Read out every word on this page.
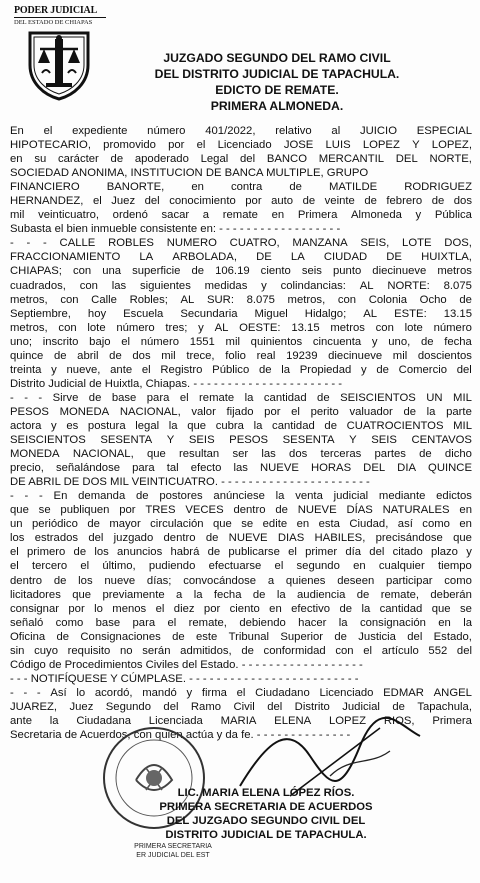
PODER JUDICIAL
DEL ESTADO DE CHIAPAS
JUZGADO SEGUNDO DEL RAMO CIVIL
DEL DISTRITO JUDICIAL DE TAPACHULA.
EDICTO DE REMATE.
PRIMERA ALMONEDA.
En el expediente número 401/2022, relativo al JUICIO ESPECIAL
HIPOTECARIO, promovido por el Licenciado JOSE LUIS LOPEZ Y LOPEZ,
en su carácter de apoderado Legal del BANCO MERCANTIL DEL NORTE,
SOCIEDAD ANONIMA, INSTITUCION DE BANCA MULTIPLE, GRUPO
FINANCIERO BANORTE, en contra de MATILDE RODRIGUEZ
HERNANDEZ, el Juez del conocimiento por auto de veinte de febrero de dos
mil veinticuatro, ordenó sacar a remate en Primera Almoneda y Pública
Subasta el bien inmueble consistente en: - - - - - - - - - - - - - - - - - -
- - - CALLE ROBLES NUMERO CUATRO, MANZANA SEIS, LOTE DOS,
FRACCIONAMIENTO LA ARBOLADA, DE LA CIUDAD DE HUIXTLA,
CHIAPAS; con una superficie de 106.19 ciento seis punto diecinueve metros
cuadrados, con las siguientes medidas y colindancias: AL NORTE: 8.075
metros, con Calle Robles; AL SUR: 8.075 metros, con Colonia Ocho de
Septiembre, hoy Escuela Secundaria Miguel Hidalgo; AL ESTE: 13.15
metros, con lote número tres; y AL OESTE: 13.15 metros con lote número
uno; inscrito bajo el número 1551 mil quinientos cincuenta y uno, de fecha
quince de abril de dos mil trece, folio real 19239 diecinueve mil doscientos
treinta y nueve, ante el Registro Público de la Propiedad y de Comercio del
Distrito Judicial de Huixtla, Chiapas. - - - - - - - - - - - - - - - - - - - - - -
- - - Sirve de base para el remate la cantidad de SEISCIENTOS UN MIL
PESOS MONEDA NACIONAL, valor fijado por el perito valuador de la parte
actora y es postura legal la que cubra la cantidad de CUATROCIENTOS MIL
SEISCIENTOS SESENTA Y SEIS PESOS SESENTA Y SEIS CENTAVOS
MONEDA NACIONAL, que resultan ser las dos terceras partes de dicho
precio, señalándose para tal efecto las NUEVE HORAS DEL DIA QUINCE
DE ABRIL DE DOS MIL VEINTICUATRO. - - - - - - - - - - - - - - - - - - - - - -
- - - En demanda de postores anúnciese la venta judicial mediante edictos
que se publiquen por TRES VECES dentro de NUEVE DÍAS NATURALES en
un periódico de mayor circulación que se edite en esta Ciudad, así como en
los estrados del juzgado dentro de NUEVE DIAS HABILES, precisándose que
el primero de los anuncios habrá de publicarse el primer día del citado plazo y
el tercero el último, pudiendo efectuarse el segundo en cualquier tiempo
dentro de los nueve días; convocándose a quienes deseen participar como
licitadores que previamente a la fecha de la audiencia de remate, deberán
consignar por lo menos el diez por ciento en efectivo de la cantidad que se
señaló como base para el remate, debiendo hacer la consignación en la
Oficina de Consignaciones de este Tribunal Superior de Justicia del Estado,
sin cuyo requisito no serán admitidos, de conformidad con el artículo 552 del
Código de Procedimientos Civiles del Estado. - - - - - - - - - - - - - - - - - -
- - - NOTIFÍQUESE Y CÚMPLASE. - - - - - - - - - - - - - - - - - - - - - - - - -
- - - Así lo acordó, mandó y firma el Ciudadano Licenciado EDMAR ANGEL
JUAREZ, Juez Segundo del Ramo Civil del Distrito Judicial de Tapachula,
ante la Ciudadana Licenciada MARIA ELENA LOPEZ RIOS, Primera
Secretaria de Acuerdos, con quien actúa y da fe. - - - - - - - - - - - - - -
LIC. MARIA ELENA LÓPEZ RÍOS.
PRIMERA SECRETARIA DE ACUERDOS
DEL JUZGADO SEGUNDO CIVIL DEL
DISTRITO JUDICIAL DE TAPACHULA.
PRIMERA SECRETARIA
ER JUDICIAL DEL EST
